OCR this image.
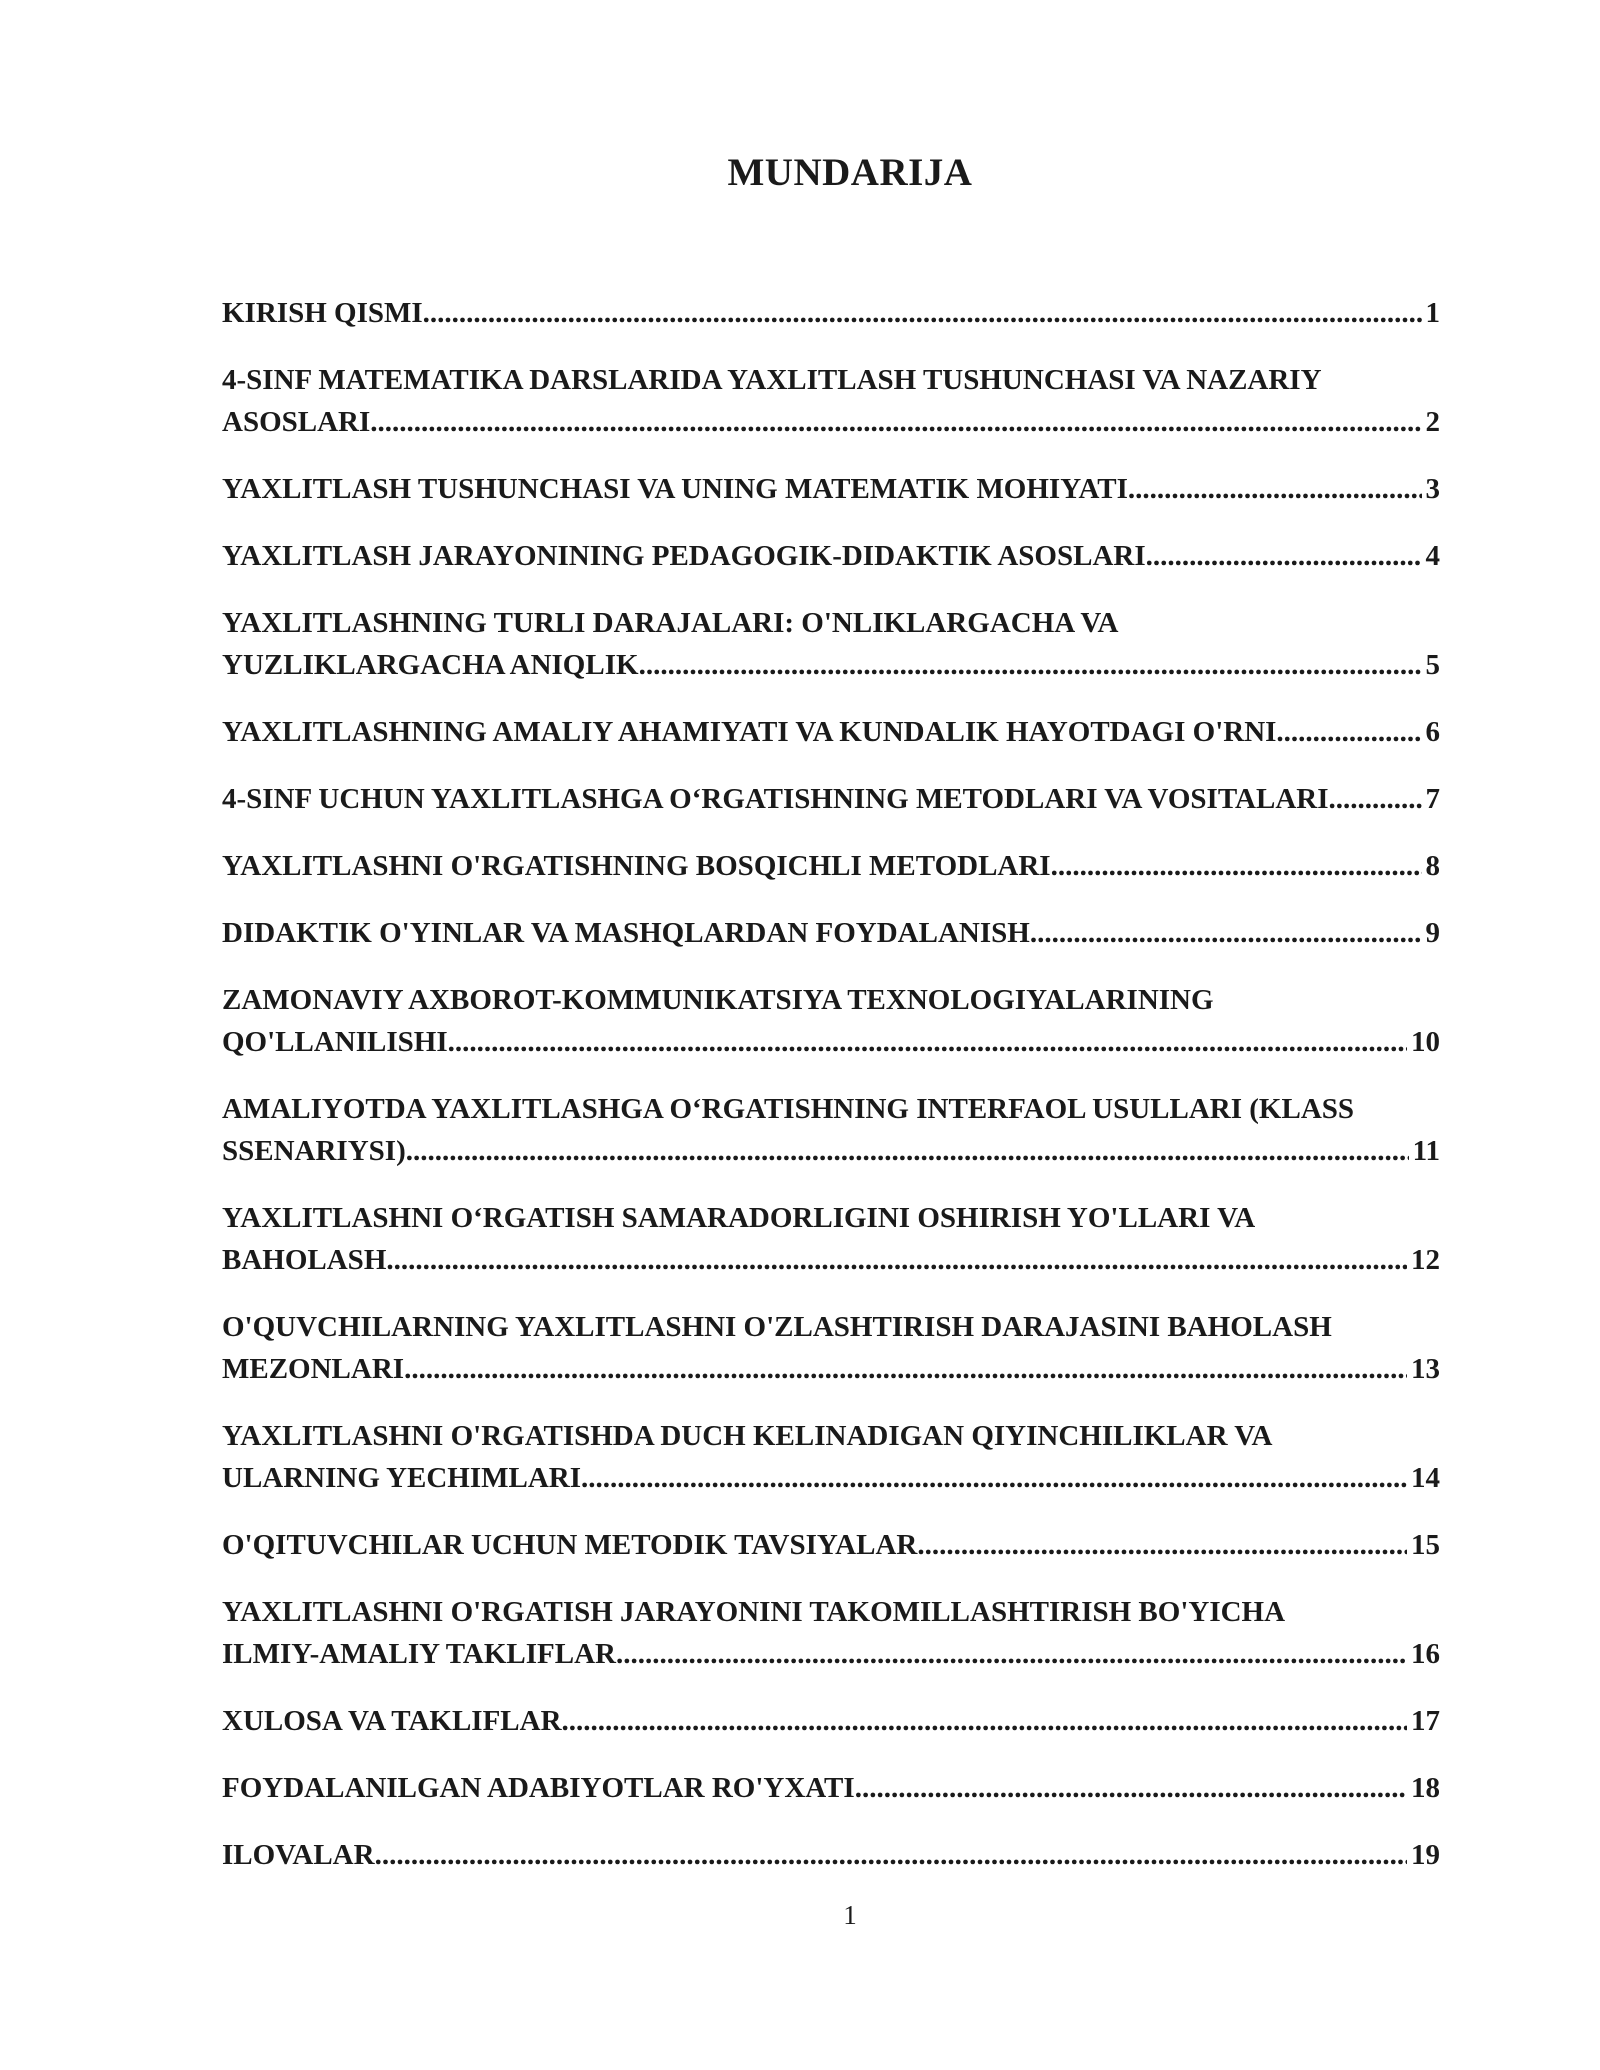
MUNDARIJA
KIRISH QISMI .....	1
4-SINF MATEMATIKA DARSLARIDA YAXLITLASH TUSHUNCHASI VA NAZARIY
ASOSLARI .....	2
YAXLITLASH TUSHUNCHASI VA UNING MATEMATIK MOHIYATI .....	3
YAXLITLASH JARAYONINING PEDAGOGIK-DIDAKTIK ASOSLARI .....	4
YAXLITLASHNING TURLI DARAJALARI: O'NLIKLARGACHA VA
YUZLIKLARGACHA ANIQLIK .....	5
YAXLITLASHNING AMALIY AHAMIYATI VA KUNDALIK HAYOTDAGI O'RNI. .....	6
4-SINF UCHUN YAXLITLASHGA O‘RGATISHNING METODLARI VA VOSITALARI .....	7
YAXLITLASHNI O'RGATISHNING BOSQICHLI METODLARI .....	8
DIDAKTIK O'YINLAR VA MASHQLARDAN FOYDALANISH .....	9
ZAMONAVIY AXBOROT-KOMMUNIKATSIYA TEXNOLOGIYALARINING
QO'LLANILISHI .....	10
AMALIYOTDA YAXLITLASHGA O‘RGATISHNING INTERFAOL USULLARI (KLASS
SSENARIYSI) .....	11
YAXLITLASHNI O‘RGATISH SAMARADORLIGINI OSHIRISH YO'LLARI VA
BAHOLASH .....	12
O'QUVCHILARNING YAXLITLASHNI O'ZLASHTIRISH DARAJASINI BAHOLASH
MEZONLARI .....	13
YAXLITLASHNI O'RGATISHDA DUCH KELINADIGAN QIYINCHILIKLAR VA
ULARNING YECHIMLARI .....	14
O'QITUVCHILAR UCHUN METODIK TAVSIYALAR .....	15
YAXLITLASHNI O'RGATISH JARAYONINI TAKOMILLASHTIRISH BO'YICHA
ILMIY-AMALIY TAKLIFLAR .....	16
XULOSA VA TAKLIFLAR .....	17
FOYDALANILGAN ADABIYOTLAR RO'YXATI .....	18
ILOVALAR .....	19
1
